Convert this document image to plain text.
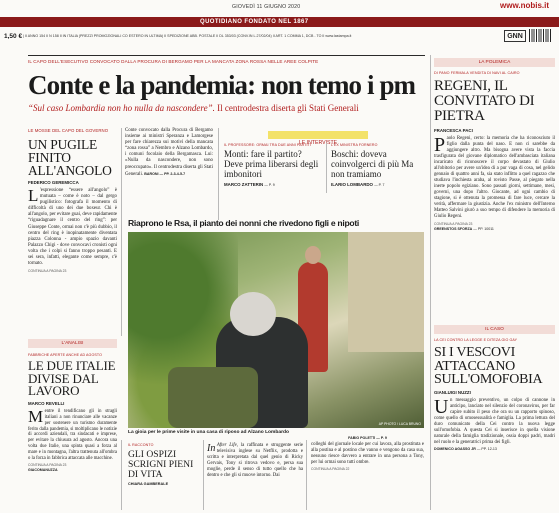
GIOVEDÌ 11 GIUGNO 2020	www.nobis.it
QUOTIDIANO FONDATO NEL 1867
1,50 € | II ANNO 154 II N 158 II IN ITALIA (PREZZI PROMOZIONALI CO ESTERO IN ULTIMA) II SPEDIZIONE ABB. POSTALE II DL 353/03 (CONV.IN L.27/02/04) II ART. 1 COMMA 1, DCB - TO II www.lastampa.it	GNN
IL CAPO DELL'ESECUTIVO CONVOCATO DALLA PROCURA DI BERGAMO PER LA MANCATA ZONA ROSSA NELLE AREE COLPITE
Conte e la pandemia: non temo i pm
“Sul caso Lombardia non ho nulla da nascondere”. Il centrodestra diserta gli Stati Generali
LE MOSSE DEL CAPO DEL GOVERNO
UN PUGILE FINITO ALL'ANGOLO
FEDERICO GEREMICCA
L 'espressione “essere all'angolo” è mutuata – come è noto – dal gergo pugilistico: fotografa il momento di difficoltà di uno dei due boxeur. Chi è all'angolo, per evitare guai, deve rapidamente “riguadagnare il centro del ring”: per Giuseppe Conte, ormai non c'è più dubbio, il centro del ring è inopinatamente diventata piazza Colonna - ampio spazio davanti Palazzo Chigi - dove convocavi cronisti ogni volta che i colpi si fanno troppo pesanti. E sei sera, infatti, elegante come sempre, c'è tornato.
CONTINUA A PAGINA 23
Conte convocato dalla Procura di Bergamo insieme ai ministri Speranza e Lamorgese per fare chiarezza sui motivi della mancata “zona rossa” a Nembro e Alzano Lombardo, i comuni focolaio della Bergamasca. Lui: «Nulla da nascondere, non sono preoccupato». Il centrodestra diserta gli Stati Generali. BARONI — PP. 2-3-4-5-7
LE INTERVISTE
IL PROFESSORE: ORMAI TRA DUE ANNI PARTITI
Monti: fare il partito? Deve prima liberarsi degli imbonitori
MARCO ZATTERIN — P. 9
L'EX MINISTRA FORNERO
Boschi: doveva coinvolgerci di più Ma non tramiamo
ILARIO LOMBARDO — P. 7
Riaprono le Rsa, il pianto dei nonni che rivedono figli e nipoti
AP PHOTO / LUCA BRUNO
La gioia per le prime visite in una casa di riposo ad Alzano Lombardo
L'ANALISI
FABBRICHE APERTE ANCHE AD AGOSTO
LE DUE ITALIE DIVISE DAL LAVORO
MARCO REVELLI
Mentre il tendificano gli in stragli italiani a non rinunciare alle vacanze per sostenere un turismo duramente ferito dalla pandemia, si moltiplicano le notizie di accordi aziendali, tra sindacati e imprese, per evitare la chiusura ad agosto. Ancora una volta due Italie, una spinta quasi a forza al mare e in montagna, l'altra trattenuta all'ombra o la forza in fabbrica attaccata alle macchine.
CONTINUA A PAGINA 23
GIACOMANUZZA
IL RACCONTO
GLI OSPIZI SCRIGNI PIENI DI VITA
CHIARA GAMBERALE
In After Life, la raffinata e struggente serie televisiva inglese su Netflix, prodotta e scritta e interpretata dal quel genio di Ricky Gervais, Tony si ritrova vedovo e, persa sua moglie, perde il senso di tutto quello che ha dentro e che gli si muove intorno. Dai
FABIO POLETTI — P. 9
colleghi del giornale locale per cui lavora, alla prostituta e alla postina e al postino che vanno e vengono da casa sua, nessuno riesce davvero a entrare in una persona a Tony, per lui ormai sono tutti ombre.
CONTINUA A PAGINA 22
LA POLEMICA
DI PANO FERMALA VENDITA DI NAVI AL CAIRO
REGENI, IL CONVITATO DI PIETRA
FRANCESCA PACI
Paolo Regeni, certo: la memoria che ha riconosciuto il figlio dalla punta del naso. E non ci sarebbe da aggiungere altro. Ma bisogna avere vista la faccia trasfigurata del giovane diplomatico dell'ambasciata italiana incaricato di riconoscere il corpo devastato di Giulio all'obitorio per avere un'idea di a pur vaga di cosa, nel gelido gennaio di quattro anni fa, sia stato inflitto a quel ragazzo che studiava l'inchiesta araba, al rovisto Passe, al piegato nella inerte popolo egiziano. Sono passati giorni, settimane, mesi, governi, una dopo l'altro. Giocante, ad ogni cambio di stagione, si è ottenuta la promessa di fare luce, cercare la verità, affermare la giustizia. Anche l'ex ministro dell'Interno Matteo Salvini giurò a suo tempo di difendere la memoria di Giulio Regeni.
CONTINUA A PAGINA 23
GREENSTOS SFORZA — PP. 10011
IL CASO
LA CEI CONTRO LA LEGGE E DITEZA GIO GAY
SI I VESCOVI ATTACCANO SULL'OMOFOBIA
GIANLUIGI NUZZI
Un messaggio preventivo, un colpo di cannone in anticipo, lanciato nel silenzio del coronavirus, per far capire subito il peso che ora su un rapporto spinoso, come quello di omosessualità e famiglia. La prima lettura del duro comunicato della Cei contro la nuova legge sull'omofobia. A questa Cei si inserisce in quella visione naturale della famiglia tradizionale, ossia doppi padri, madri nel ruolo e la generatrici prima dei figli.
DOMENICO AGASSO JR — PP. 12-13
